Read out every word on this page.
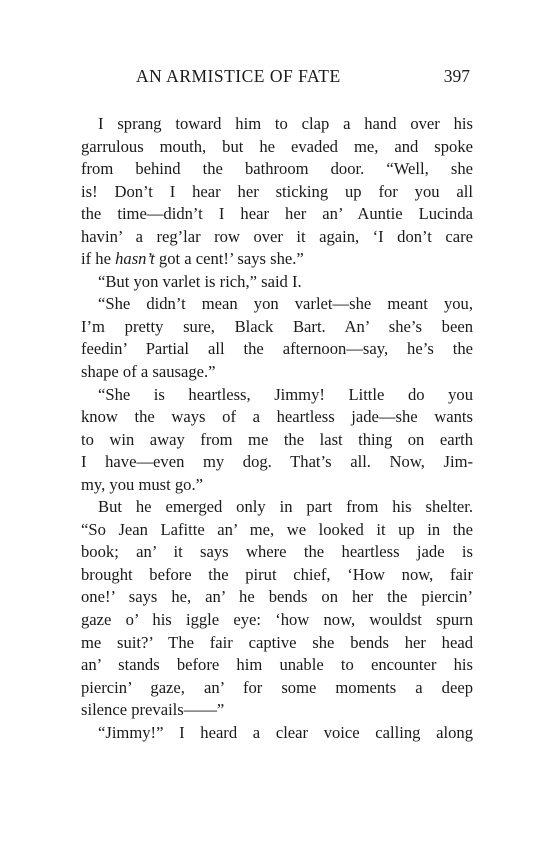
AN ARMISTICE OF FATE	397
I sprang toward him to clap a hand over his
garrulous mouth, but he evaded me, and spoke
from behind the bathroom door. “Well, she
is! Don’t I hear her sticking up for you all
the time—didn’t I hear her an’ Auntie Lucinda
havin’ a reg’lar row over it again, ‘I don’t care
if he hasn’t got a cent!’ says she.”
“But yon varlet is rich,” said I.
“She didn’t mean yon varlet—she meant you,
I’m pretty sure, Black Bart. An’ she’s been
feedin’ Partial all the afternoon—say, he’s the
shape of a sausage.”
“She is heartless, Jimmy! Little do you
know the ways of a heartless jade—she wants
to win away from me the last thing on earth
I have—even my dog. That’s all. Now, Jim-
my, you must go.”
But he emerged only in part from his shelter.
“So Jean Lafitte an’ me, we looked it up in the
book; an’ it says where the heartless jade is
brought before the pirut chief, ‘How now, fair
one!’ says he, an’ he bends on her the piercin’
gaze o’ his iggle eye: ‘how now, wouldst spurn
me suit?’ The fair captive she bends her head
an’ stands before him unable to encounter his
piercin’ gaze, an’ for some moments a deep
silence prevails——”
“Jimmy!” I heard a clear voice calling along
